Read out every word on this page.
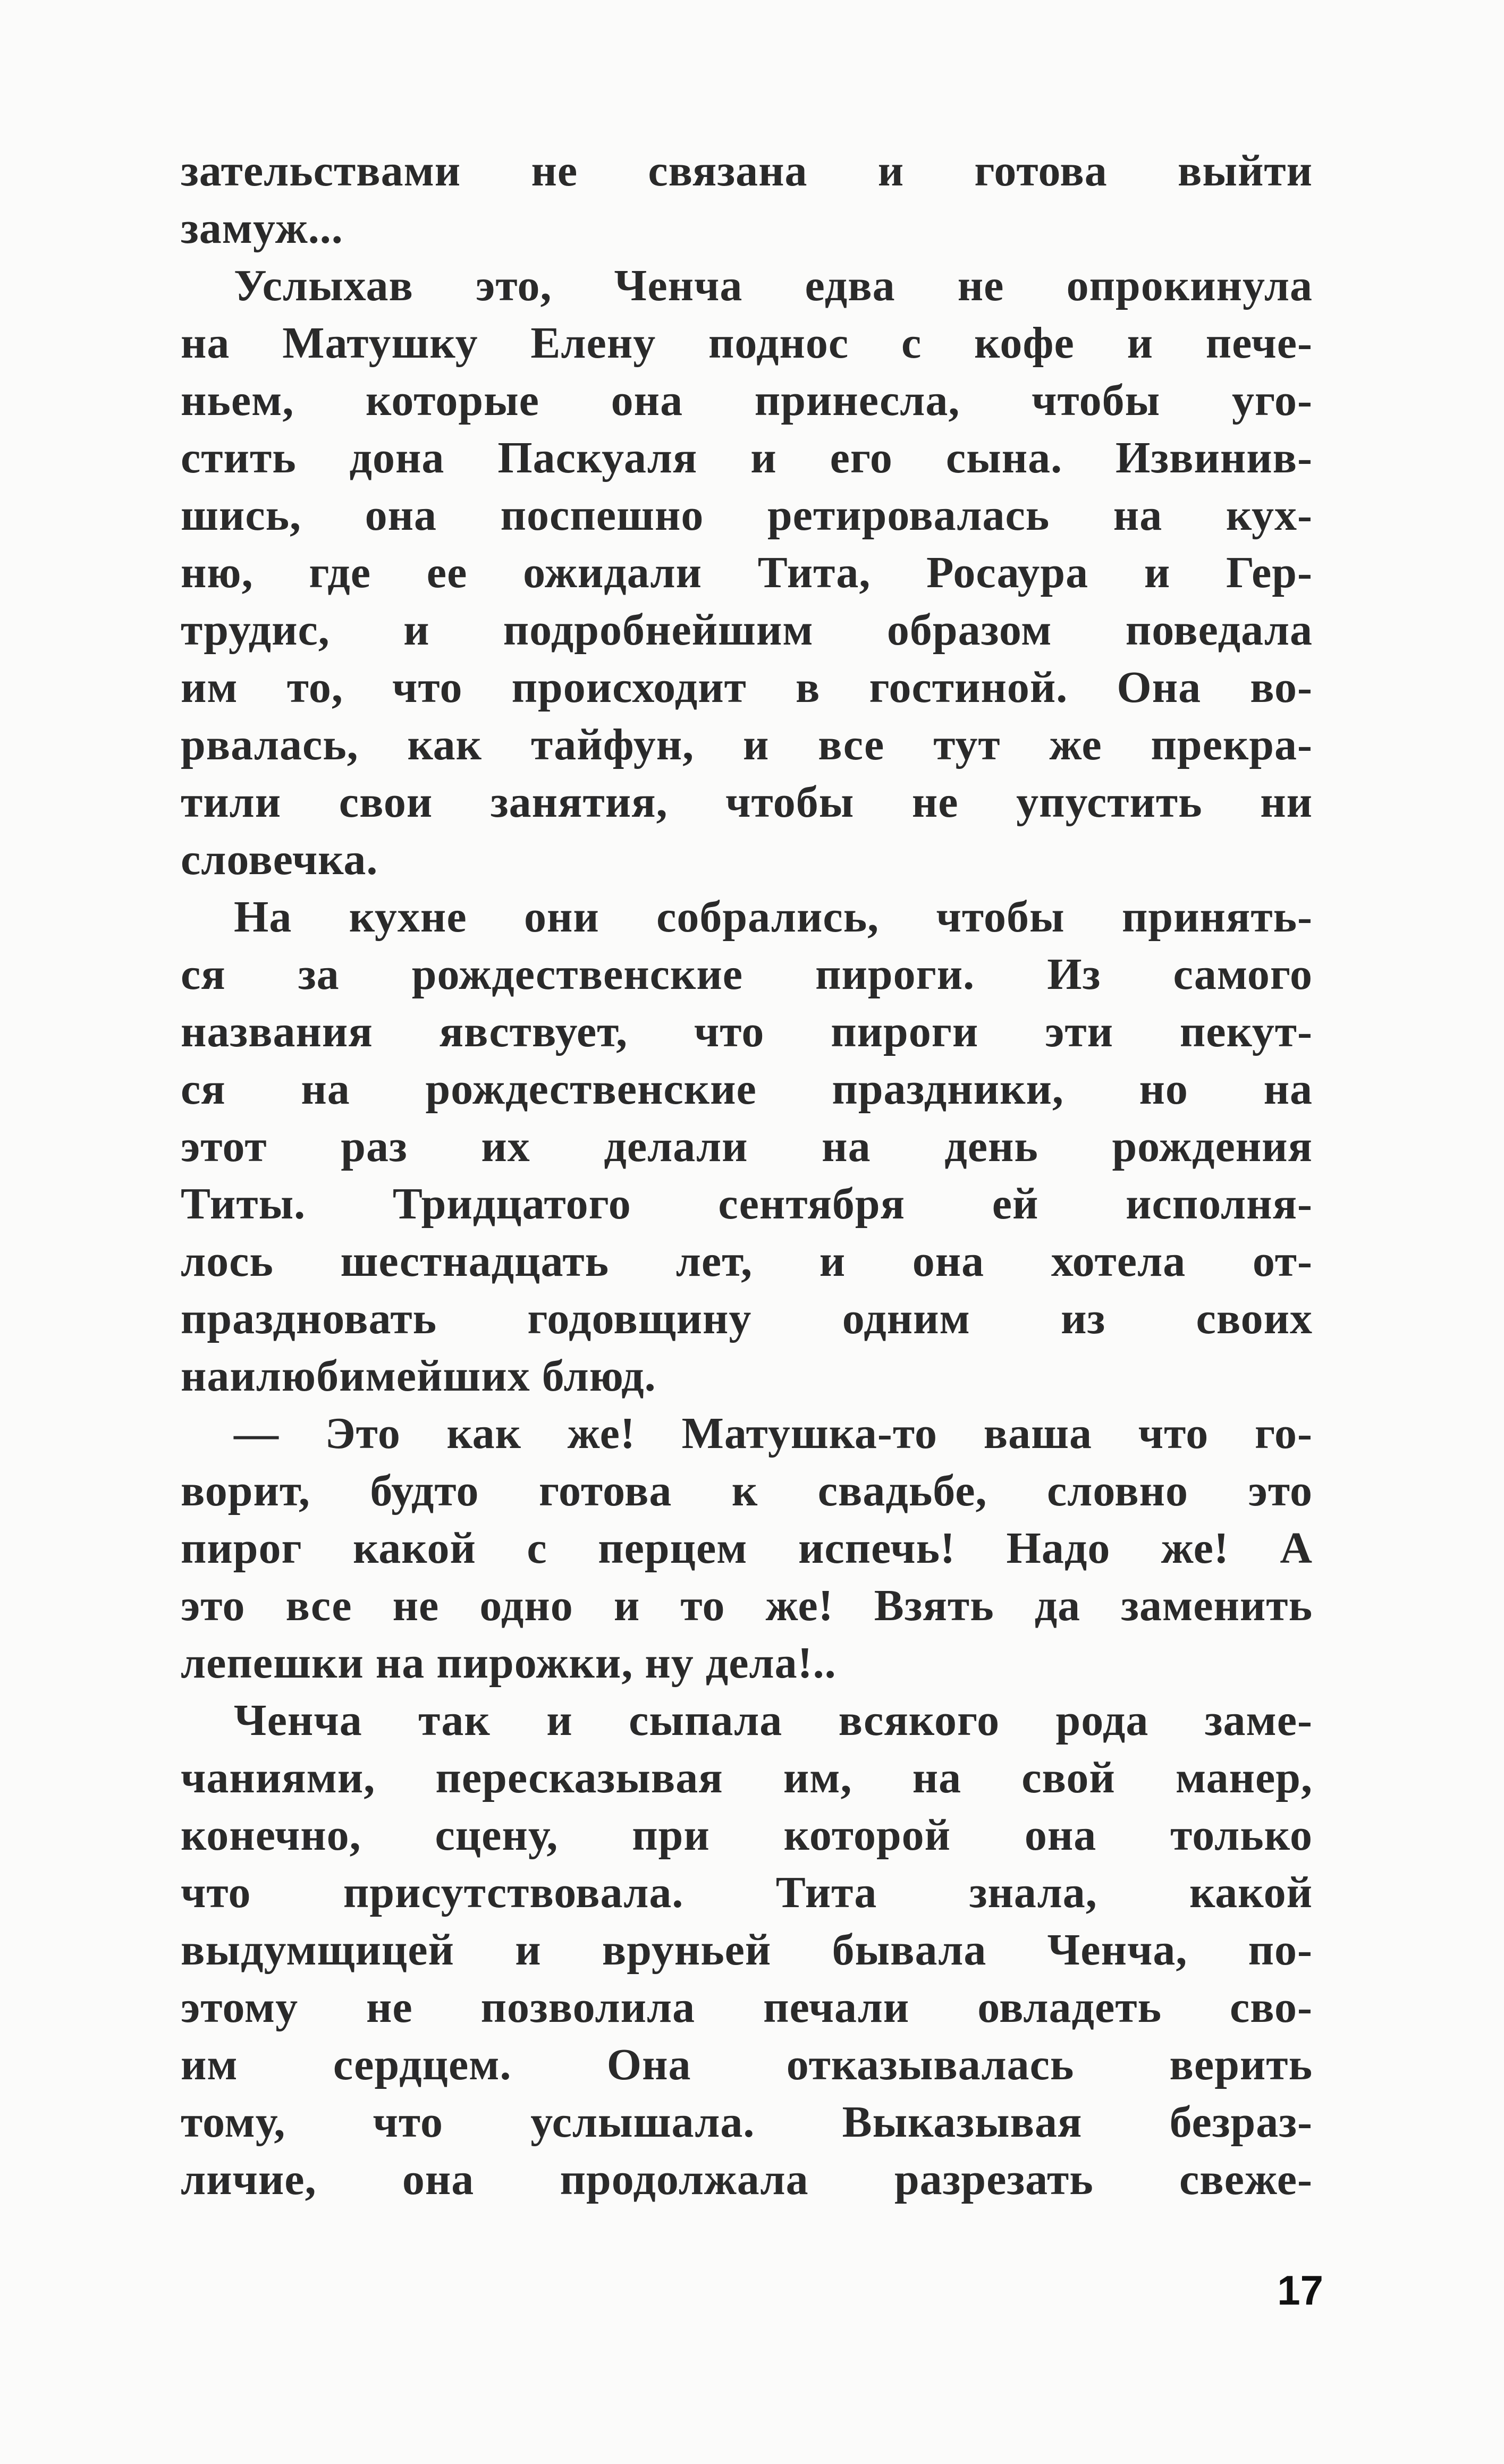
зательствами не связана и готова выйти
замуж...
Услыхав это, Ченча едва не опрокинула
на Матушку Елену поднос с кофе и пече-
ньем, которые она принесла, чтобы уго-
стить дона Паскуаля и его сына. Извинив-
шись, она поспешно ретировалась на кух-
ню, где ее ожидали Тита, Росаура и Гер-
трудис, и подробнейшим образом поведала
им то, что происходит в гостиной. Она во-
рвалась, как тайфун, и все тут же прекра-
тили свои занятия, чтобы не упустить ни
словечка.
На кухне они собрались, чтобы принять-
ся за рождественские пироги. Из самого
названия явствует, что пироги эти пекут-
ся на рождественские праздники, но на
этот раз их делали на день рождения
Титы. Тридцатого сентября ей исполня-
лось шестнадцать лет, и она хотела от-
праздновать годовщину одним из своих
наилюбимейших блюд.
— Это как же! Матушка-то ваша что го-
ворит, будто готова к свадьбе, словно это
пирог какой с перцем испечь! Надо же! А
это все не одно и то же! Взять да заменить
лепешки на пирожки, ну дела!..
Ченча так и сыпала всякого рода заме-
чаниями, пересказывая им, на свой манер,
конечно, сцену, при которой она только
что присутствовала. Тита знала, какой
выдумщицей и вруньей бывала Ченча, по-
этому не позволила печали овладеть сво-
им сердцем. Она отказывалась верить
тому, что услышала. Выказывая безраз-
личие, она продолжала разрезать свеже-
17
